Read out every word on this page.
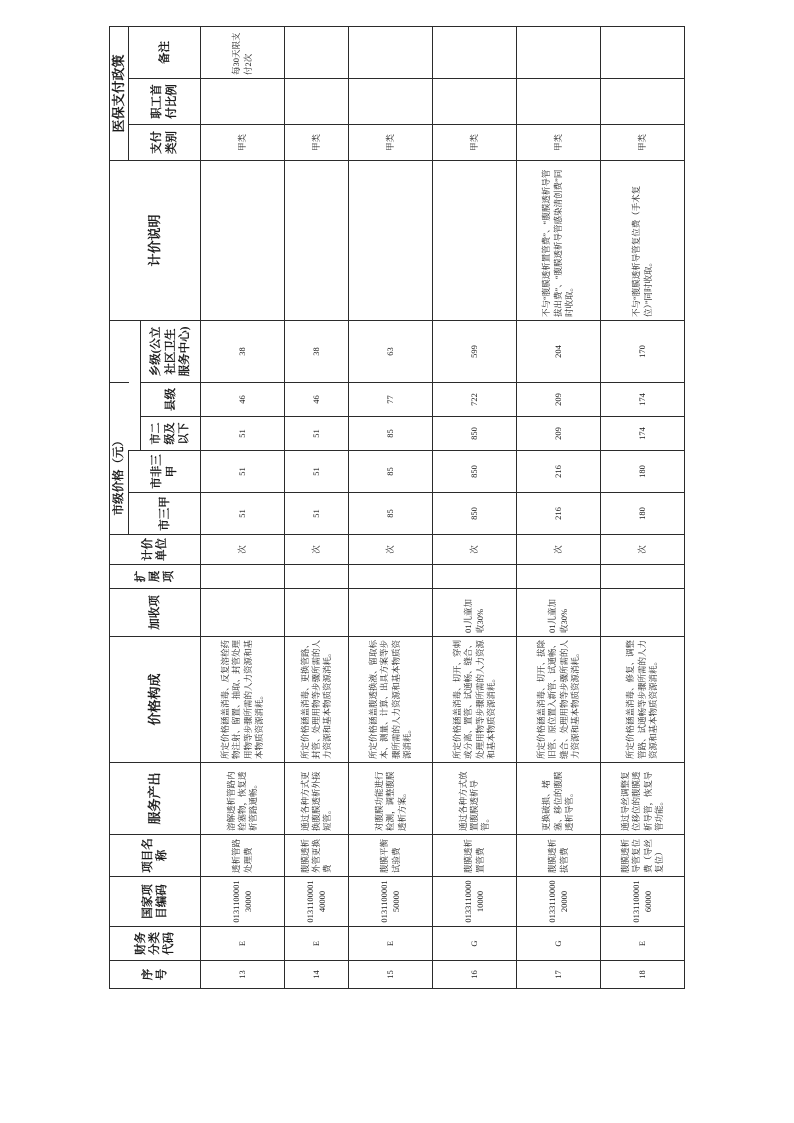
序号	财务分类代码	国家项目编码	项目名称	服务产出	价格构成	加收项	扩展项	计价单位	市级价格（元）					计价说明	医保支付政策		
									市三甲	市非三甲					支付类别	职工首付比例	备注
											市二级及以下	县级	乡级(公立社区卫生服务中心)				
13	E	013110000130000	透析管路处理费	溶解透析管路内栓塞物，恢复透析管路通畅。	所定价格涵盖消毒、反复溶栓药物注射、留置、抽取、封管处理用物等步骤所需的人力资源和基本物质资源消耗。			次	51	51	51	46	38		甲类		每30天限支付2次
14	E	013110000140000	腹膜透析外管更换费	通过各种方式更换腹膜透析外接短管。	所定价格涵盖消毒、更换管路、封管、处理用物等步骤所需的人力资源和基本物质资源消耗。			次	51	51	51	46	38		甲类		
15	E	013110000150000	腹膜平衡试验费	对腹膜功能进行检测，调整腹膜透析方案。	所定价格涵盖腹透换液、留取标本、测量、计算、出具方案等步骤所需的人力资源和基本物质资源消耗。			次	85	85	85	77	63		甲类		
16	G	013311000010000	腹膜透析置管费	通过各种方式放置腹膜透析导管。	所定价格涵盖消毒、切开、穿刺或分离、置管、试通畅、缝合、处理用物等步骤所需的人力资源和基本物质资源消耗。	01儿童加收30%		次	850	850	850	722	599		甲类		
17	G	013311000020000	腹膜透析拔管费	更换破损、堵塞、移位的腹膜透析导管。	所定价格涵盖消毒、切开、拔除旧管、原位置入新管、试通畅、缝合、处理用物等步骤所需的人力资源和基本物质资源消耗。	01儿童加收30%		次	216	216	209	209	204	不与“腹膜透析置管费”、“腹膜透析导管拔出费”、“腹膜透析导管感染清创费”同时收取。	甲类		
18	E	013110000160000	腹膜透析导管复位费（导丝复位）	通过导丝调整复位移位的腹膜透析导管，恢复导管功能。	所定价格涵盖消毒、修复、调整管路、试通畅等步骤所需的人力资源和基本物质资源消耗。			次	180	180	174	174	170	不与“腹膜透析导管复位费（手术复位）”同时收取。	甲类		
